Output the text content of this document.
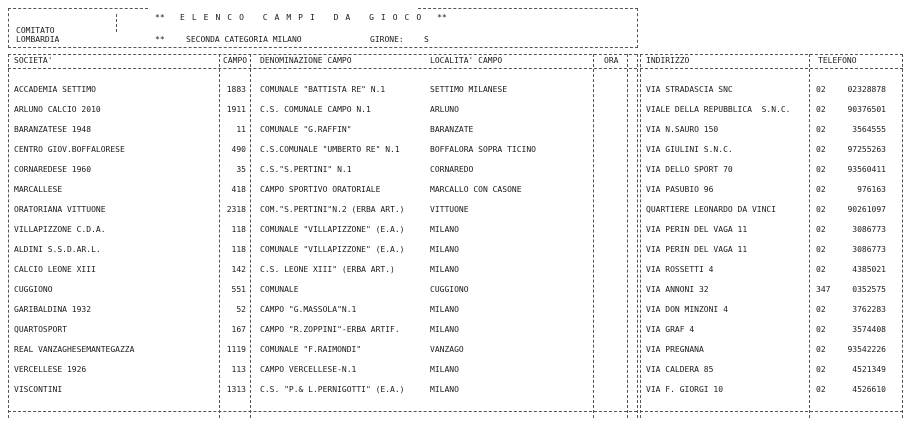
COMITATO
LOMBARDIA
** ELENCO CAMPI DA GIOCO **
**	SECONDA CATEGORIA MILANO	GIRONE:	S
SOCIETA'	CAMPO DENOMINAZIONE CAMPO	LOCALITA' CAMPO	ORA	INDIRIZZO	TELEFONO
ACCADEMIA SETTIMO	1883 COMUNALE "BATTISTA RE" N.1	SETTIMO MILANESE	VIA STRADASCIA SNC	02	02328878
ARLUNO CALCIO 2010	1911 C.S. COMUNALE CAMPO N.1	ARLUNO	VIALE DELLA REPUBBLICA  S.N.C.	02	90376501
BARANZATESE 1948	11 COMUNALE "G.RAFFIN"	BARANZATE	VIA N.SAURO 150	02	3564555
CENTRO GIOV.BOFFALORESE	490 C.S.COMUNALE "UMBERTO RE" N.1	BOFFALORA SOPRA TICINO	VIA GIULINI S.N.C.	02	97255263
CORNAREDESE 1960	35 C.S."S.PERTINI" N.1	CORNAREDO	VIA DELLO SPORT 70	02	93560411
MARCALLESE	418 CAMPO SPORTIVO ORATORIALE	MARCALLO CON CASONE	VIA PASUBIO 96	02	976163
ORATORIANA VITTUONE	2318 COM."S.PERTINI"N.2 (ERBA ART.)	VITTUONE	QUARTIERE LEONARDO DA VINCI	02	90261097
VILLAPIZZONE C.D.A.	118 COMUNALE "VILLAPIZZONE" (E.A.)	MILANO	VIA PERIN DEL VAGA 11	02	3086773
ALDINI S.S.D.AR.L.	118 COMUNALE "VILLAPIZZONE" (E.A.)	MILANO	VIA PERIN DEL VAGA 11	02	3086773
CALCIO LEONE XIII	142 C.S. LEONE XIII" (ERBA ART.)	MILANO	VIA ROSSETTI 4	02	4385021
CUGGIONO	551 COMUNALE	CUGGIONO	VIA ANNONI 32	347	0352575
GARIBALDINA 1932	52 CAMPO "G.MASSOLA"N.1	MILANO	VIA DON MINZONI 4	02	3762283
QUARTOSPORT	167 CAMPO "R.ZOPPINI"-ERBA ARTIF.	MILANO	VIA GRAF 4	02	3574408
REAL VANZAGHESEMANTEGAZZA	1119 COMUNALE "F.RAIMONDI"	VANZAGO	VIA PREGNANA	02	93542226
VERCELLESE 1926	113 CAMPO VERCELLESE-N.1	MILANO	VIA CALDERA 85	02	4521349
VISCONTINI	1313 C.S. "P.& L.PERNIGOTTI" (E.A.)	MILANO	VIA F. GIORGI 10	02	4526610
